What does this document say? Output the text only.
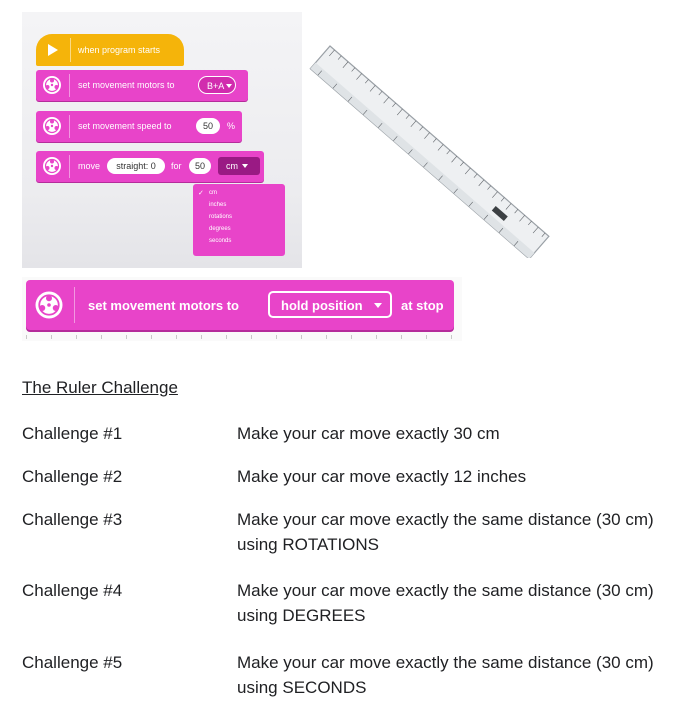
when program starts
set movement motors to	B+A
set movement speed to	50	%
move	straight: 0	for	50	cm
✓ cm
inches
rotations
degrees
seconds
set movement motors to	hold position	at stop
The Ruler Challenge
Challenge #1	Make your car move exactly 30 cm
Challenge #2	Make your car move exactly 12 inches
Challenge #3	Make your car move exactly the same distance (30 cm) using ROTATIONS
Challenge #4	Make your car move exactly the same distance (30 cm) using DEGREES
Challenge #5	Make your car move exactly the same distance (30 cm) using SECONDS
